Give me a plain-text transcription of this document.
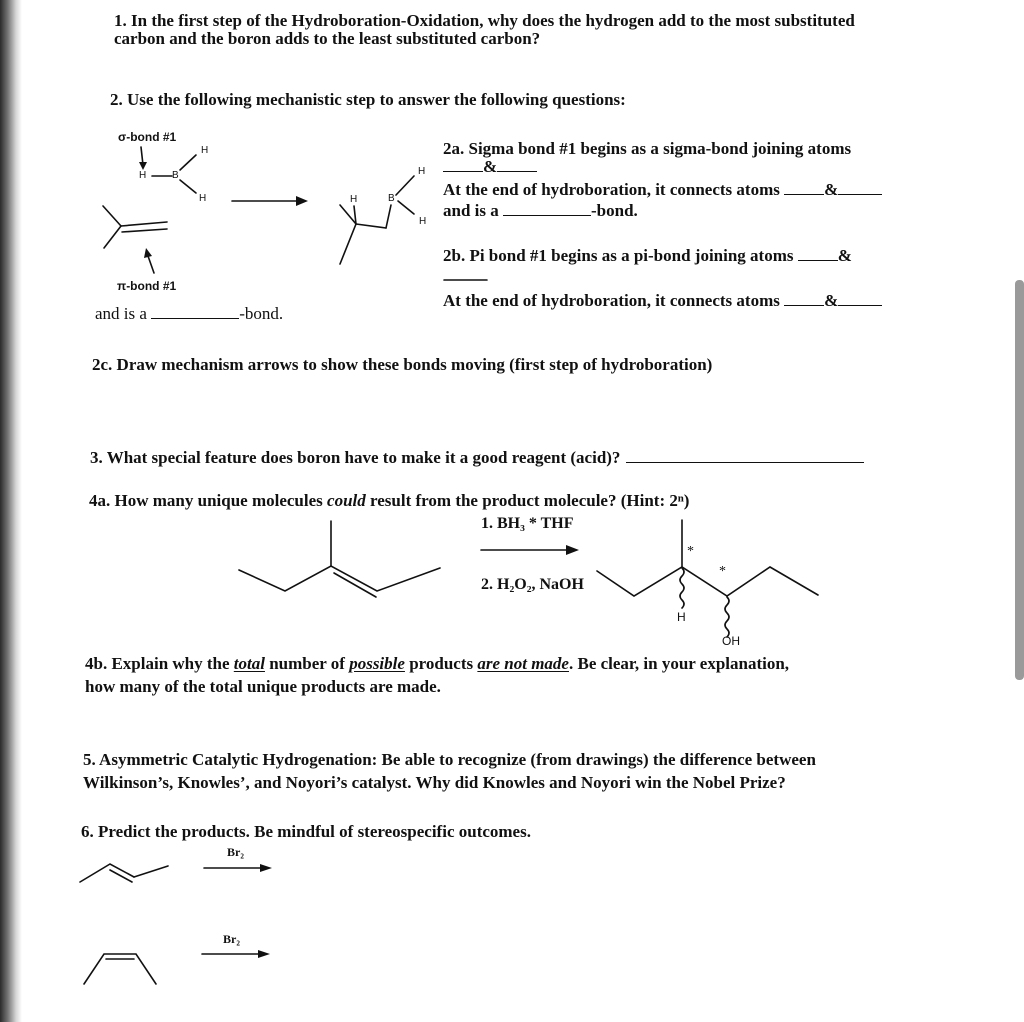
1. In the first step of the Hydroboration-Oxidation, why does the hydrogen add to the most substituted
carbon and the boron adds to the least substituted carbon?
2. Use the following mechanistic step to answer the following questions:
σ-bond #1
H
H	B
H
π-bond #1
H
B
H
H
2a. Sigma bond #1 begins as a sigma-bond joining atoms
&
At the end of hydroboration, it connects atoms	&
and is a	-bond.
2b. Pi bond #1 begins as a pi-bond joining atoms	&
At the end of hydroboration, it connects atoms	&
and is a	-bond.
2c. Draw mechanism arrows to show these bonds moving (first step of hydroboration)
3. What special feature does boron have to make it a good reagent (acid)?
4a. How many unique molecules could result from the product molecule? (Hint: 2ⁿ)
1. BH₃ * THF
2. H₂O₂, NaOH
*
*
H
OH
4b. Explain why the total number of possible products are not made. Be clear, in your explanation,
how many of the total unique products are made.
5. Asymmetric Catalytic Hydrogenation: Be able to recognize (from drawings) the difference between
Wilkinson’s, Knowles’, and Noyori’s catalyst. Why did Knowles and Noyori win the Nobel Prize?
6. Predict the products. Be mindful of stereospecific outcomes.
Br₂
Br₂
